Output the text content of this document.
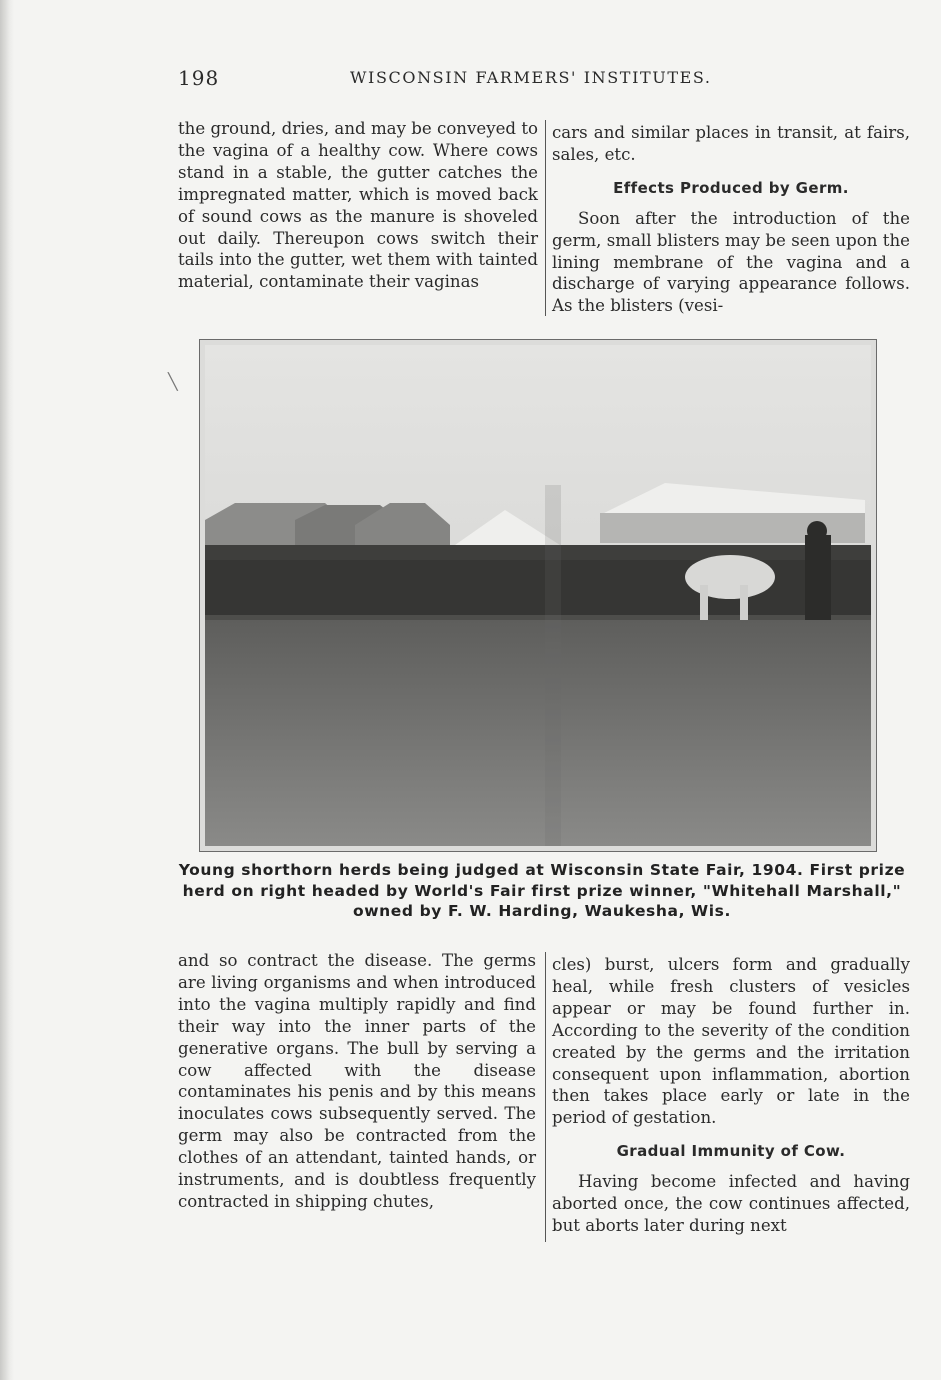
╲
198	WISCONSIN FARMERS' INSTITUTES.

the ground, dries, and may be conveyed to the vagina of a healthy cow. Where cows stand in a stable, the gutter catches the impregnated matter, which is moved back of sound cows as the manure is shoveled out daily. Thereupon cows switch their tails into the gutter, wet them with tainted material, contaminate their vaginas

cars and similar places in transit, at fairs, sales, etc.

Effects Produced by Germ.

Soon after the introduction of the germ, small blisters may be seen upon the lining membrane of the vagina and a discharge of varying appearance follows. As the blisters (vesi-

Young shorthorn herds being judged at Wisconsin State Fair, 1904. First prize herd on right headed by World's Fair first prize winner, "Whitehall Marshall," owned by F. W. Harding, Waukesha, Wis.

and so contract the disease. The germs are living organisms and when introduced into the vagina multiply rapidly and find their way into the inner parts of the generative organs. The bull by serving a cow affected with the disease contaminates his penis and by this means inoculates cows subsequently served. The germ may also be contracted from the clothes of an attendant, tainted hands, or instruments, and is doubtless frequently contracted in shipping chutes,

cles) burst, ulcers form and gradually heal, while fresh clusters of vesicles appear or may be found further in. According to the severity of the condition created by the germs and the irritation consequent upon inflammation, abortion then takes place early or late in the period of gestation.

Gradual Immunity of Cow.

Having become infected and having aborted once, the cow continues affected, but aborts later during next
